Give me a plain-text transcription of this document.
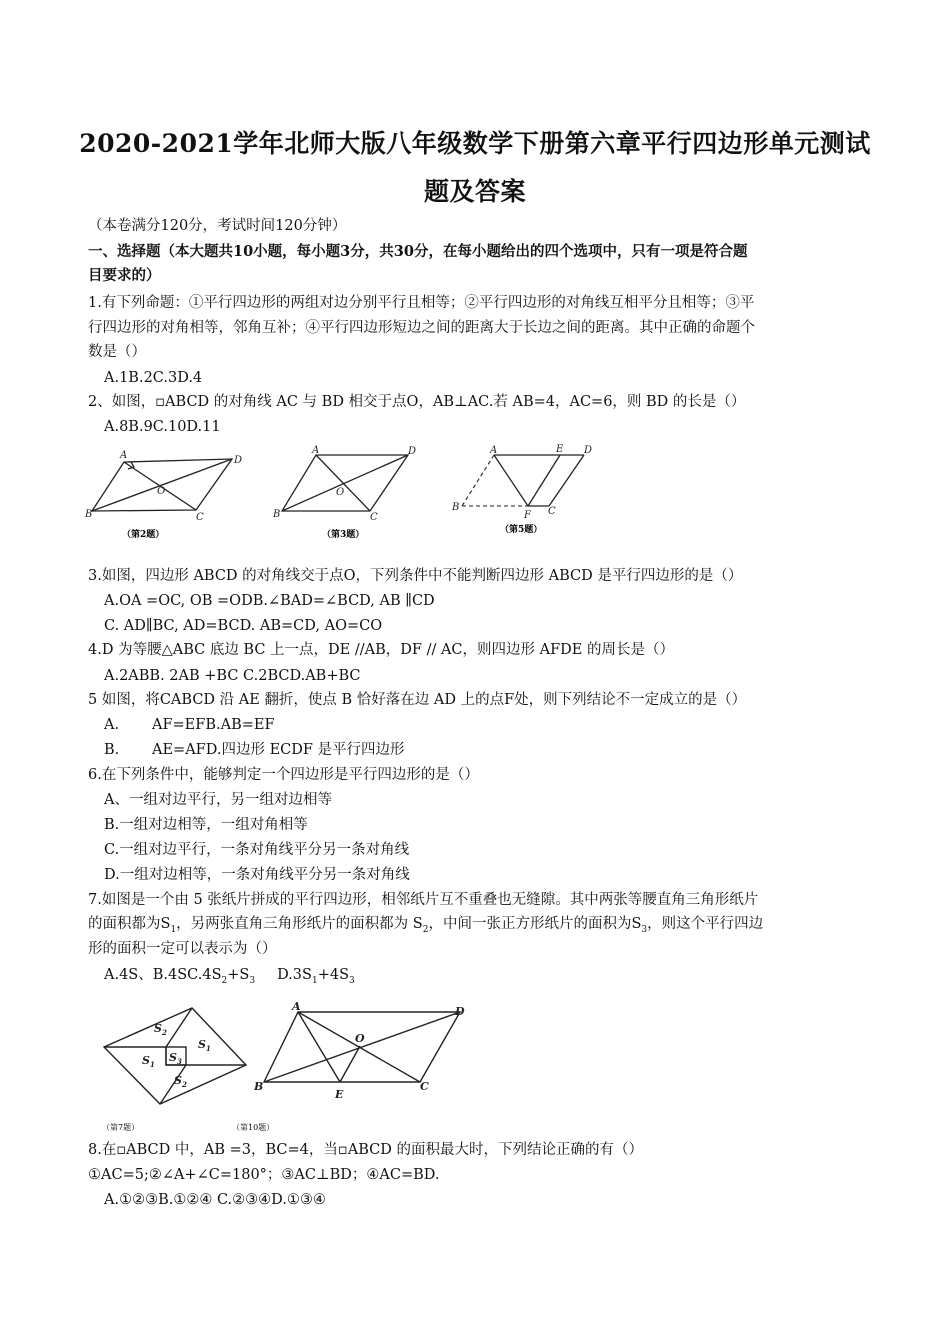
2020-2021学年北师大版八年级数学下册第六章平行四边形单元测试
题及答案
（本卷满分120分，考试时间120分钟）
一、选择题（本大题共10小题，每小题3分，共30分，在每小题给出的四个选项中，只有一项是符合题
目要求的）
1.有下列命题：①平行四边形的两组对边分别平行且相等；②平行四边形的对角线互相平分且相等；③平
行四边形的对角相等，邻角互补；④平行四边形短边之间的距离大于长边之间的距离。其中正确的命题个
数是（）
A.1B.2C.3D.4
2、如图，▫ABCD 的对角线 AC 与 BD 相交于点O，AB⊥AC.若 AB=4，AC=6，则 BD 的长是（）
A.8B.9C.10D.11
A	D
B	C
O
（第2题）
A	D
B	C
O
（第3题）
A	E D
B
F C
（第5题）
3.如图，四边形 ABCD 的对角线交于点O，下列条件中不能判断四边形 ABCD 是平行四边形的是（）
A.OA =OC, OB =ODB.∠BAD=∠BCD, AB ∥CD
C. AD∥BC, AD=BCD. AB=CD, AO=CO
4.D 为等腰△ABC 底边 BC 上一点，DE //AB，DF // AC，则四边形 AFDE 的周长是（）
A.2ABB. 2AB +BC C.2BCD.AB+BC
5 如图，将CABCD 沿 AE 翻折，使点 B 恰好落在边 AD 上的点F处，则下列结论不一定成立的是（）
A. AF=EFB.AB=EF
B. AE=AFD.四边形 ECDF 是平行四边形
6.在下列条件中，能够判定一个四边形是平行四边形的是（）
A、一组对边平行，另一组对边相等
B.一组对边相等，一组对角相等
C.一组对边平行，一条对角线平分另一条对角线
D.一组对边相等，一条对角线平分另一条对角线
7.如图是一个由 5 张纸片拼成的平行四边形，相邻纸片互不重叠也无缝隙。其中两张等腰直角三角形纸片
的面积都为$S_1$，另两张直角三角形纸片的面积都为 $S_2$，中间一张正方形纸片的面积为$S_3$，则这个平行四边
形的面积一定可以表示为（）
A.4S、$B.4SC.4S_2+S_3$ $D.3S_1+4S_3$
$S_2$
$S_1$
$S_3$
$S_1$
$S_2$
（第7题）
A	D
B	C
E
O
（第10题）
8.在▫ABCD 中，AB =3，BC=4，当▫ABCD 的面积最大时，下列结论正确的有（）
①AC=5;②∠A+∠C=180°；③AC⊥BD；④AC=BD.
A.①②③B.①②④ C.②③④D.①③④
